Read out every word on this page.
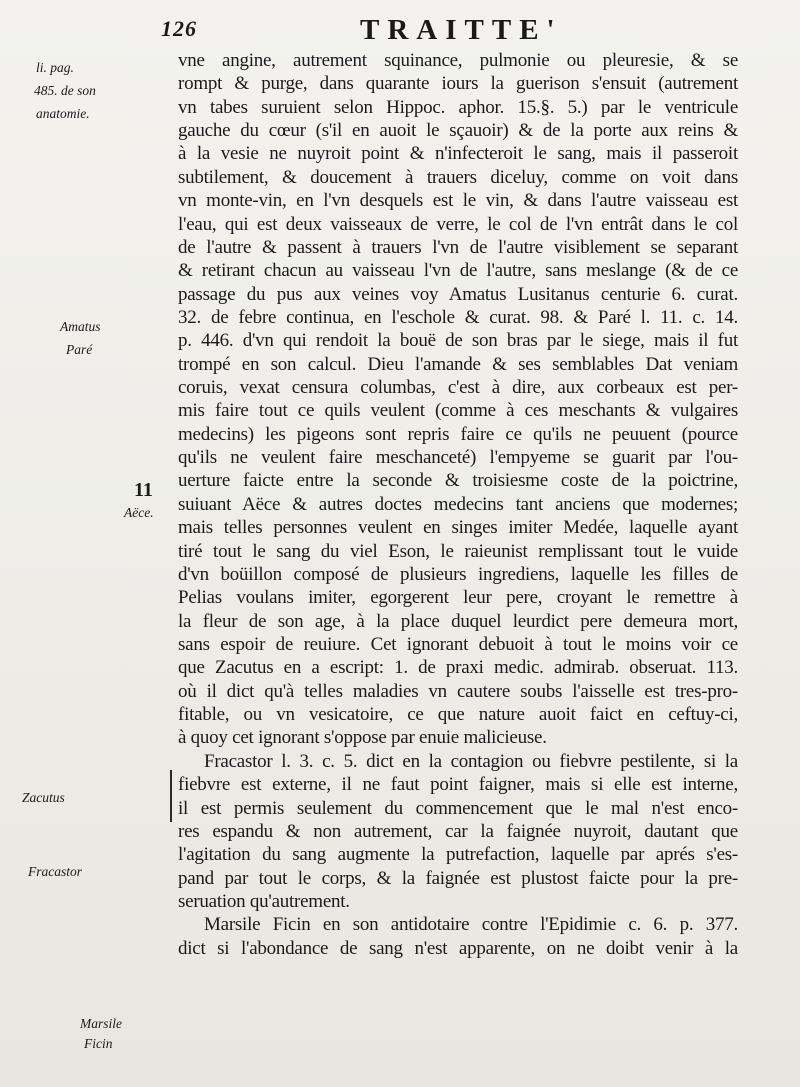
126	TRAITTE'
li. pag.
485. de son
anatomie.
Amatus
Paré
11
Aëce.
Zacutus
Fracastor
Marsile
Ficin
vne angine, autrement squinance, pulmonie ou pleuresie, & se
rompt & purge, dans quarante iours la guerison s'ensuit (autrement
vn tabes suruient selon Hippoc. aphor. 15.§. 5.) par le ventricule
gauche du cœur (s'il en auoit le sçauoir) & de la porte aux reins &
à la vesie ne nuyroit point & n'infecteroit le sang, mais il passeroit
subtilement, & doucement à trauers diceluy, comme on voit dans
vn monte-vin, en l'vn desquels est le vin, & dans l'autre vaisseau est
l'eau, qui est deux vaisseaux de verre, le col de l'vn entrât dans le col
de l'autre & passent à trauers l'vn de l'autre visiblement se separant
& retirant chacun au vaisseau l'vn de l'autre, sans meslange (& de ce
passage du pus aux veines voy Amatus Lusitanus centurie 6. curat.
32. de febre continua, en l'eschole & curat. 98. & Paré l. 11. c. 14.
p. 446. d'vn qui rendoit la bouë de son bras par le siege, mais il fut
trompé en son calcul. Dieu l'amande & ses semblables Dat veniam
coruis, vexat censura columbas, c'est à dire, aux corbeaux est per-
mis faire tout ce quils veulent (comme à ces meschants & vulgaires
medecins) les pigeons sont repris faire ce qu'ils ne peuuent (pource
qu'ils ne veulent faire meschanceté) l'empyeme se guarit par l'ou-
uerture faicte entre la seconde & troisiesme coste de la poictrine,
suiuant Aëce & autres doctes medecins tant anciens que modernes;
mais telles personnes veulent en singes imiter Medée, laquelle ayant
tiré tout le sang du viel Eson, le raieunist remplissant tout le vuide
d'vn boüillon composé de plusieurs ingrediens, laquelle les filles de
Pelias voulans imiter, egorgerent leur pere, croyant le remettre à
la fleur de son age, à la place duquel leurdict pere demeura mort,
sans espoir de reuiure. Cet ignorant debuoit à tout le moins voir ce
que Zacutus en a escript: 1. de praxi medic. admirab. obseruat. 113.
où il dict qu'à telles maladies vn cautere soubs l'aisselle est tres-pro-
fitable, ou vn vesicatoire, ce que nature auoit faict en ceftuy-ci,
à quoy cet ignorant s'oppose par enuie malicieuse.
Fracastor l. 3. c. 5. dict en la contagion ou fiebvre pestilente, si la
fiebvre est externe, il ne faut point faigner, mais si elle est interne,
il est permis seulement du commencement que le mal n'est enco-
res espandu & non autrement, car la faignée nuyroit, dautant que
l'agitation du sang augmente la putrefaction, laquelle par aprés s'es-
pand par tout le corps, & la faignée est plustost faicte pour la pre-
seruation qu'autrement.
Marsile Ficin en son antidotaire contre l'Epidimie c. 6. p. 377.
dict si l'abondance de sang n'est apparente, on ne doibt venir à la
